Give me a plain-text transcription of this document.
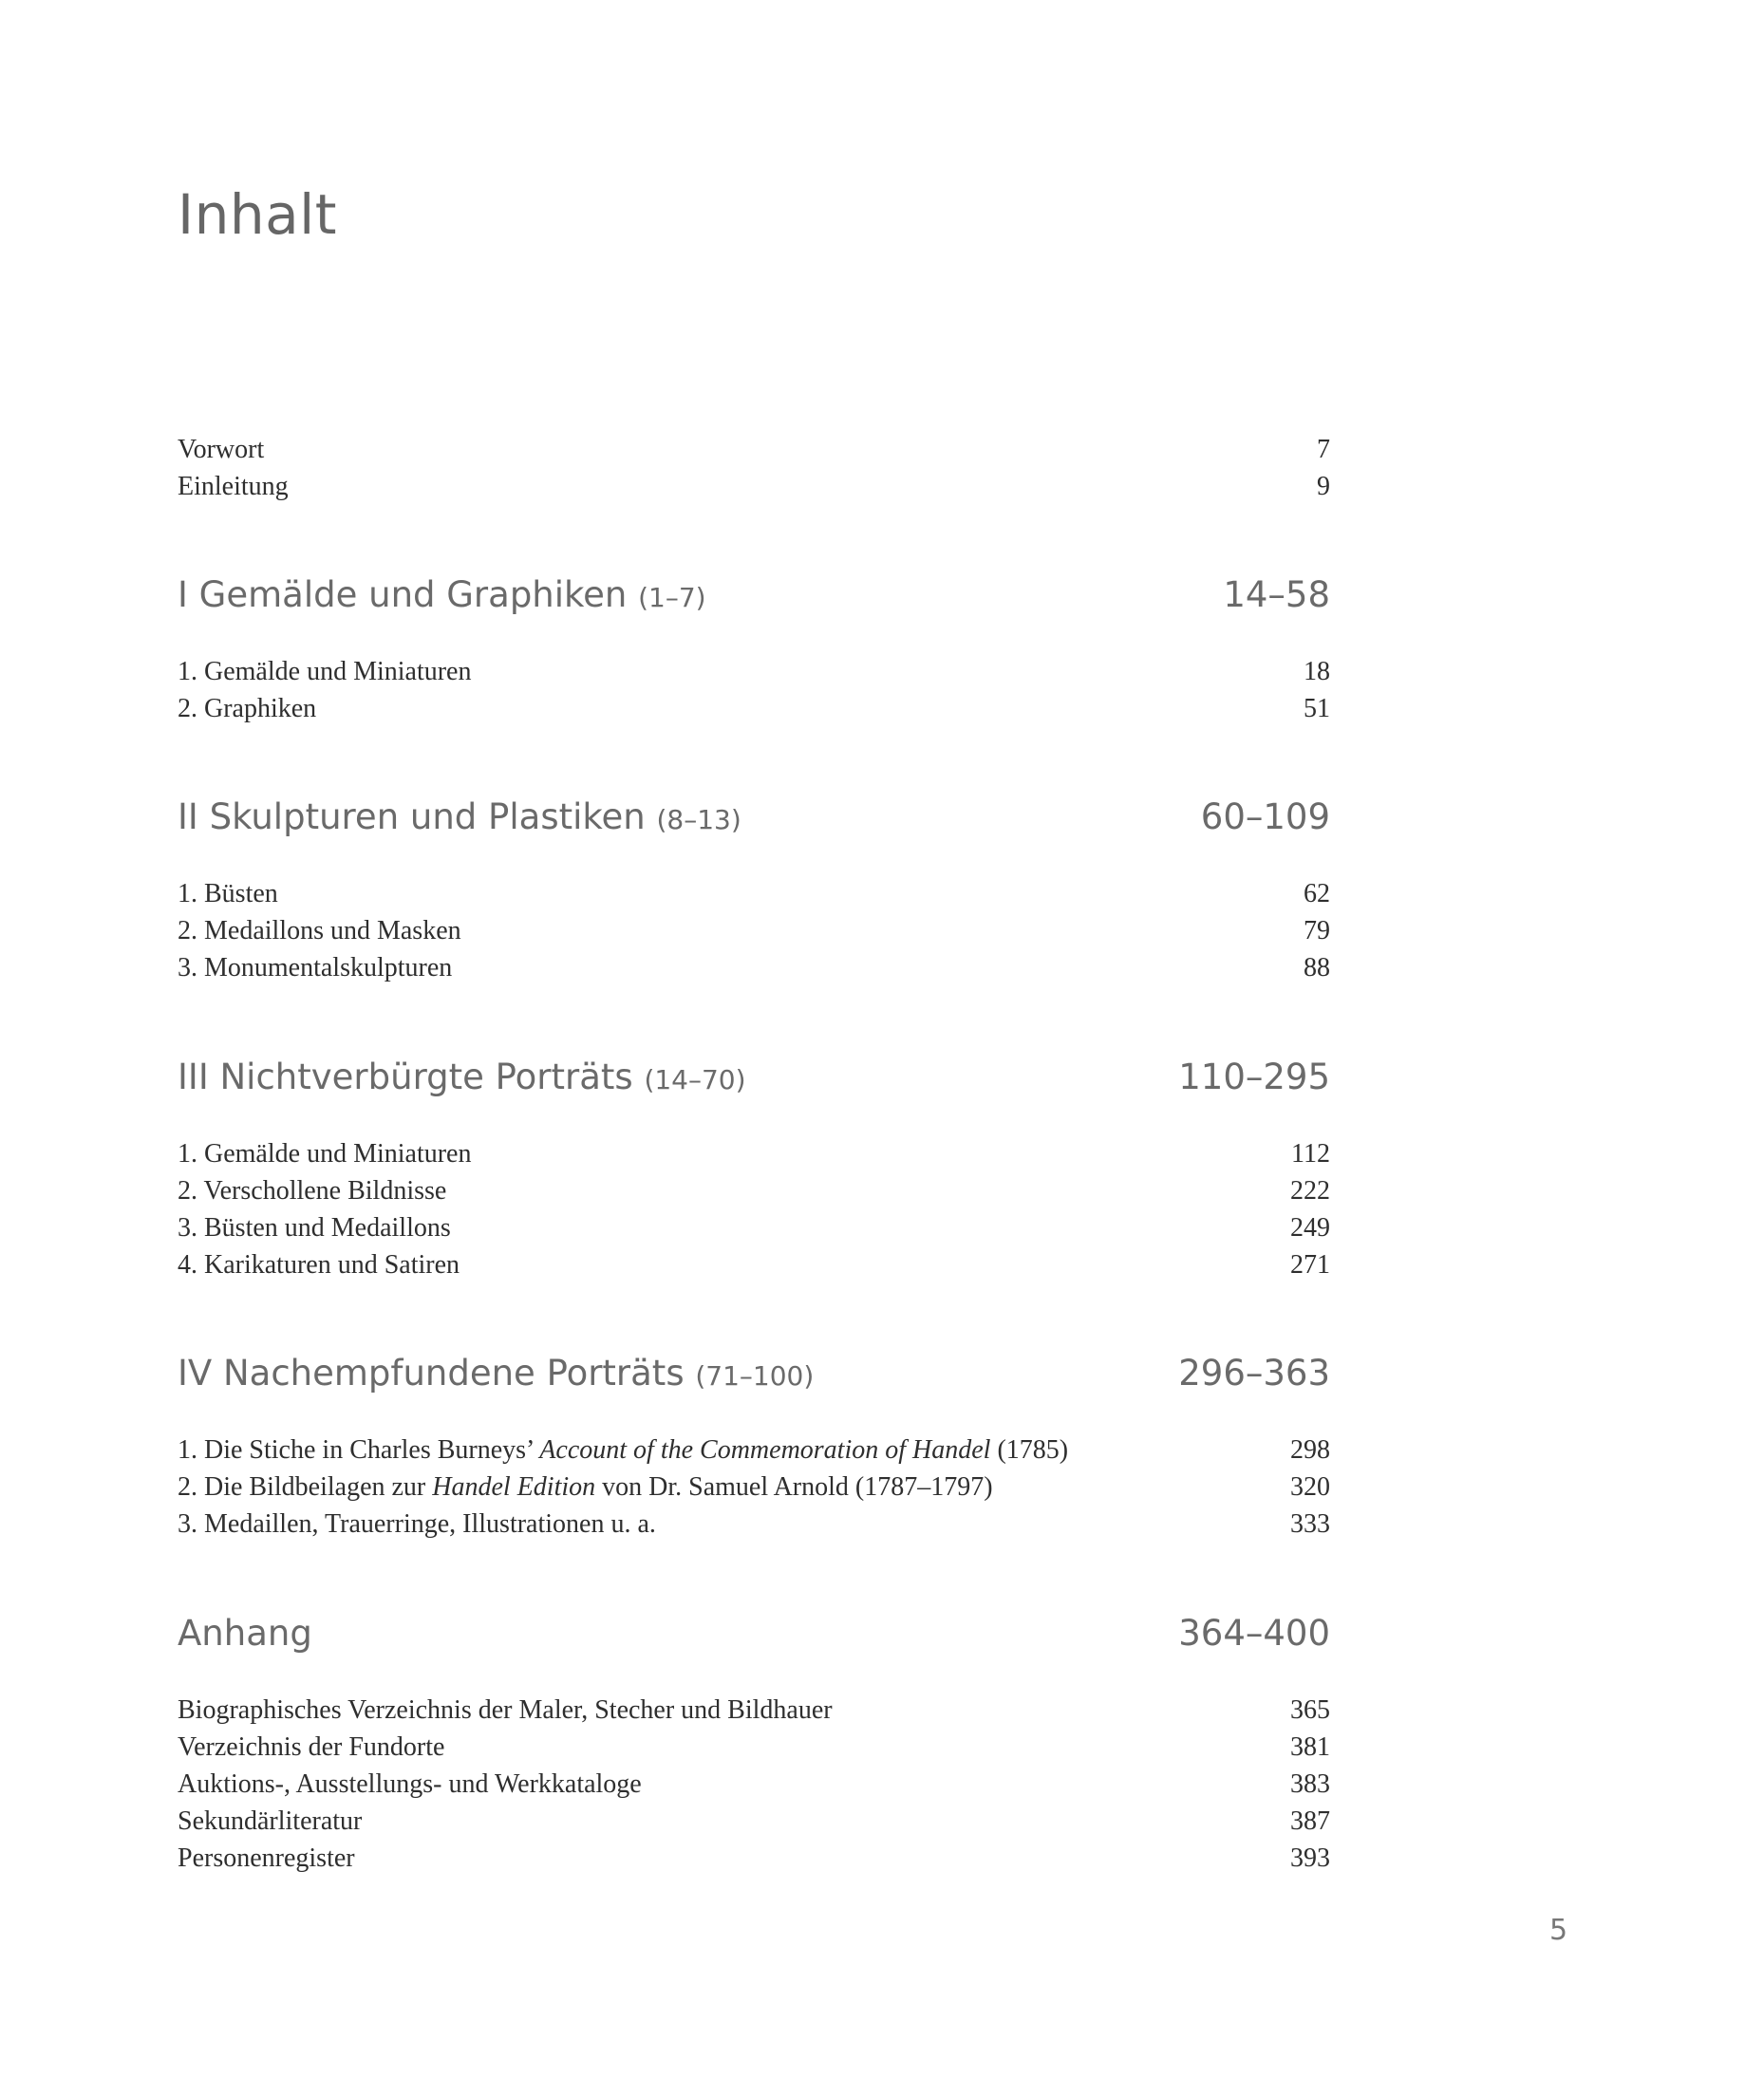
Inhalt
Vorwort	7
Einleitung	9
I Gemälde und Graphiken (1–7)	14–58
1. Gemälde und Miniaturen	18
2. Graphiken	51
II Skulpturen und Plastiken (8–13)	60–109
1. Büsten	62
2. Medaillons und Masken	79
3. Monumentalskulpturen	88
III Nichtverbürgte Porträts (14–70)	110–295
1. Gemälde und Miniaturen	112
2. Verschollene Bildnisse	222
3. Büsten und Medaillons	249
4. Karikaturen und Satiren	271
IV Nachempfundene Porträts (71–100)	296–363
1. Die Stiche in Charles Burneys’ Account of the Commemoration of Handel (1785)	298
2. Die Bildbeilagen zur Handel Edition von Dr. Samuel Arnold (1787–1797)	320
3. Medaillen, Trauerringe, Illustrationen u. a.	333
Anhang	364–400
Biographisches Verzeichnis der Maler, Stecher und Bildhauer	365
Verzeichnis der Fundorte	381
Auktions-, Ausstellungs- und Werkkataloge	383
Sekundärliteratur	387
Personenregister	393
5
